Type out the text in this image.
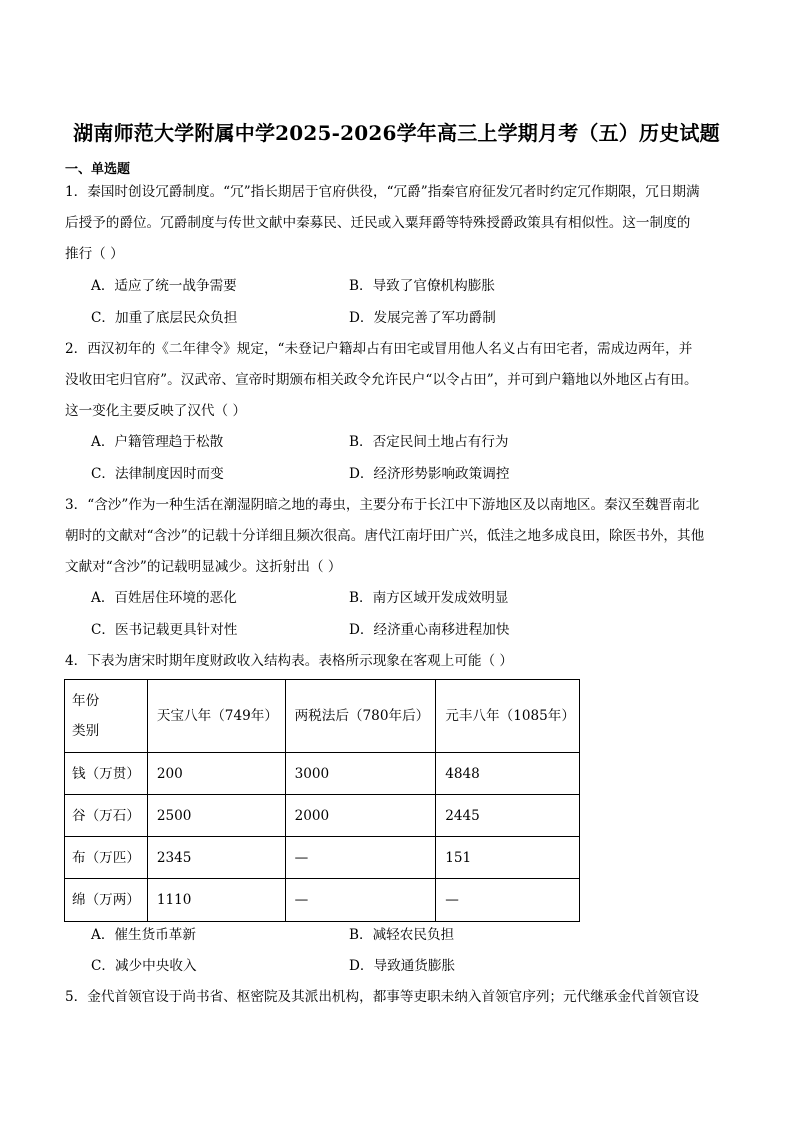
湖南师范大学附属中学2025-2026学年高三上学期月考（五）历史试题
一、单选题
1．秦国时创设冗爵制度。“冗”指长期居于官府供役，“冗爵”指秦官府征发冗者时约定冗作期限，冗日期满
后授予的爵位。冗爵制度与传世文献中秦募民、迁民或入粟拜爵等特殊授爵政策具有相似性。这一制度的
推行（ ）
A．适应了统一战争需要	B．导致了官僚机构膨胀
C．加重了底层民众负担	D．发展完善了军功爵制
2．西汉初年的《二年律令》规定，“未登记户籍却占有田宅或冒用他人名义占有田宅者，需成边两年，并
没收田宅归官府”。汉武帝、宣帝时期颁布相关政令允许民户“以令占田”，并可到户籍地以外地区占有田。
这一变化主要反映了汉代（ ）
A．户籍管理趋于松散	B．否定民间土地占有行为
C．法律制度因时而变	D．经济形势影响政策调控
3．“含沙”作为一种生活在潮湿阴暗之地的毒虫，主要分布于长江中下游地区及以南地区。秦汉至魏晋南北
朝时的文献对“含沙”的记载十分详细且频次很高。唐代江南圩田广兴，低洼之地多成良田，除医书外，其他
文献对“含沙”的记载明显减少。这折射出（ ）
A．百姓居住环境的恶化	B．南方区域开发成效明显
C．医书记载更具针对性	D．经济重心南移进程加快
4．下表为唐宋时期年度财政收入结构表。表格所示现象在客观上可能（ ）
年份
类别	天宝八年（749年）	两税法后（780年后）	元丰八年（1085年）
钱（万贯）	200	3000	4848
谷（万石）	2500	2000	2445
布（万匹）	2345	—	151
绵（万两）	1110	—	—
A．催生货币革新	B．减轻农民负担
C．减少中央收入	D．导致通货膨胀
5．金代首领官设于尚书省、枢密院及其派出机构，都事等吏职未纳入首领官序列；元代继承金代首领官设
